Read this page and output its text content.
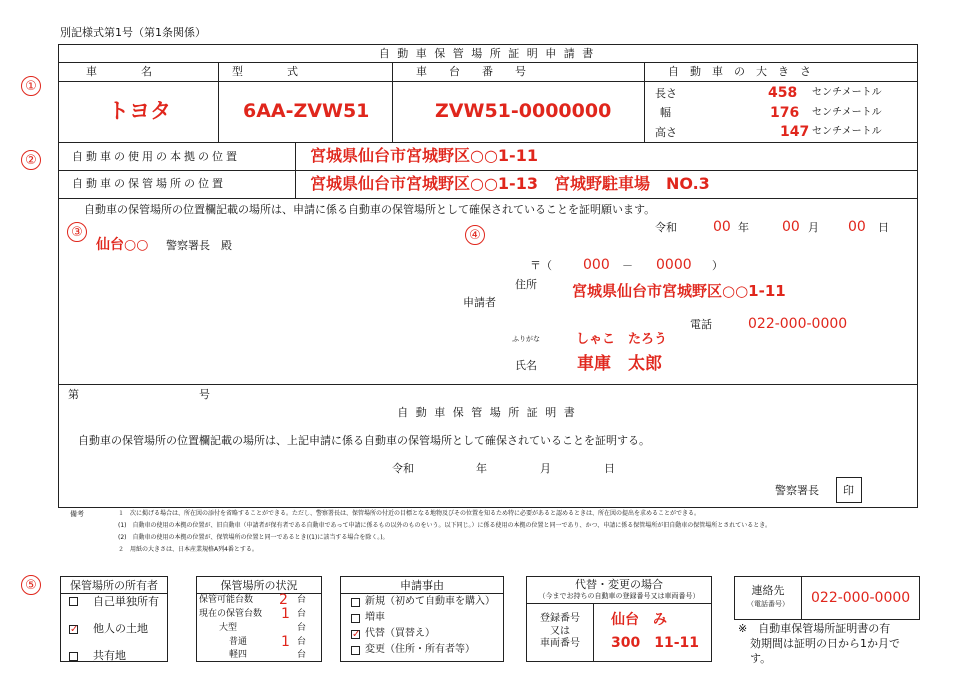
別記様式第1号（第1条関係）
自 動 車 保 管 場 所 証 明 申 請 書
車　　　　名	型　　　　式	車　　台　　番　　号	自　動　車　の　大　き　さ
トヨタ	6AA-ZVW51	ZVW51-0000000
長さ	458 センチメートル
幅	176 センチメートル
高さ	147 センチメートル
自動車の使用の本拠の位置	宮城県仙台市宮城野区○○1-11
自動車の保管場所の位置	宮城県仙台市宮城野区○○1-13　宮城野駐車場　NO.3
自動車の保管場所の位置欄記載の場所は、申請に係る自動車の保管場所として確保されていることを証明願います。
令和	00 年 00 月 00 日
仙台○○ 警察署長　殿
〒（ 000 － 0000 ）
住所 宮城県仙台市宮城野区○○1-11
申請者
電話	022-000-0000
ふりがな	しゃこ　たろう
氏名 車庫　太郎
第	号
自 動 車 保 管 場 所 証 明 書
自動車の保管場所の位置欄記載の場所は、上記申請に係る自動車の保管場所として確保されていることを証明する。
令和	年	月	日
警察署長 印
備考	１　次に掲げる場合は、所在図の添付を省略することができる。ただし、警察署長は、保管場所の付近の目標となる地物及びその位置を知るため特に必要があると認めるときは、所在図の提出を求めることができる。
(1)　自動車の使用の本拠の位置が、旧自動車（申請者が保有者である自動車であって申請に係るもの以外のものをいう。以下同じ。）に係る使用の本拠の位置と同一であり、かつ、申請に係る保管場所が旧自動車の保管場所とされているとき。
(2)　自動車の使用の本拠の位置が、保管場所の位置と同一であるとき((1)に該当する場合を除く。)。
２　用紙の大きさは、日本産業規格A列4番とする。
①
②
③	④
⑤	保管場所の所有者
自己単独所有
✓ 他人の土地
共有地
保管場所の状況
保管可能台数 2 台
現在の保管台数 1 台
大型	台
普通 1 台
軽四	台
申請事由
新規（初めて自動車を購入）
増車
✓ 代替（買替え）
変更（住所・所有者等）
代替・変更の場合
（今までお持ちの自動車の登録番号又は車両番号）
登録番号
又は
車両番号
仙台　み
300　11-11
連絡先
（電話番号）	022-000-0000
※　自動車保管場所証明書の有
効期間は証明の日から1か月で
す。
